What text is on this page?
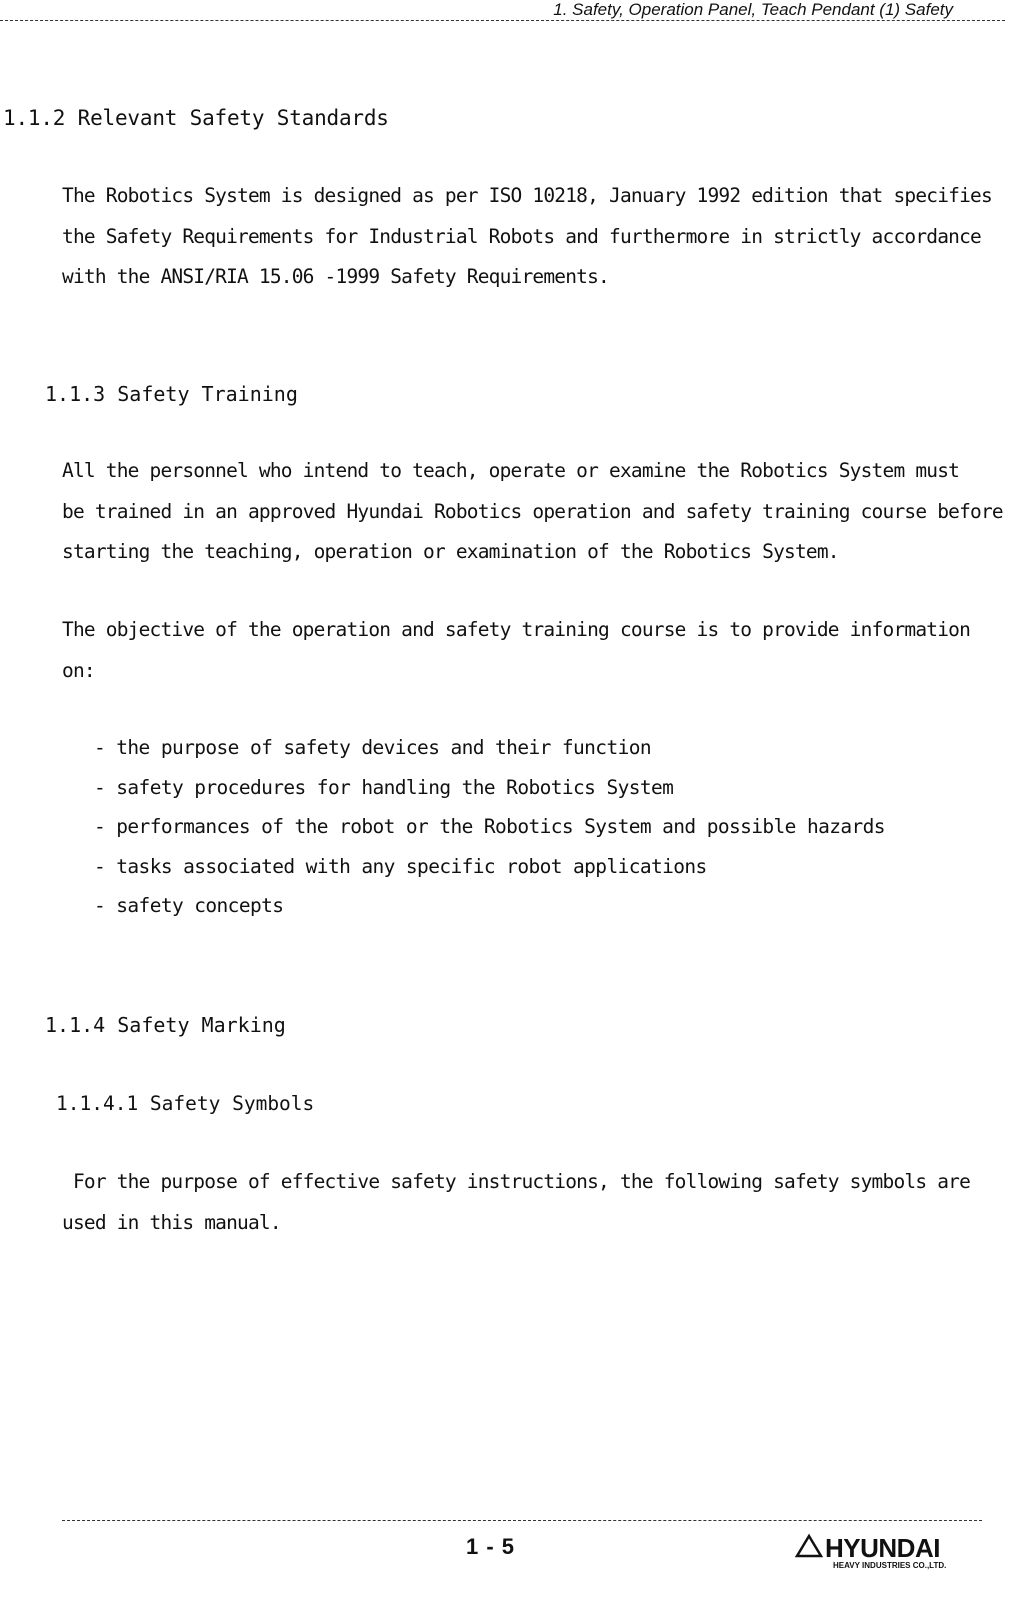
1. Safety, Operation Panel, Teach Pendant (1) Safety
1.1.2 Relevant Safety Standards
The Robotics System is designed as per ISO 10218, January 1992 edition that specifies
the Safety Requirements for Industrial Robots and furthermore in strictly accordance
with the ANSI/RIA 15.06 -1999 Safety Requirements.
1.1.3 Safety Training
All the personnel who intend to teach, operate or examine the Robotics System must
be trained in an approved Hyundai Robotics operation and safety training course before
starting the teaching, operation or examination of the Robotics System.
The objective of the operation and safety training course is to provide information
on:
- the purpose of safety devices and their function
- safety procedures for handling the Robotics System
- performances of the robot or the Robotics System and possible hazards
- tasks associated with any specific robot applications
- safety concepts
1.1.4 Safety Marking
1.1.4.1 Safety Symbols
For the purpose of effective safety instructions, the following safety symbols are
used in this manual.
1 - 5	HYUNDAI
HEAVY INDUSTRIES CO.,LTD.
